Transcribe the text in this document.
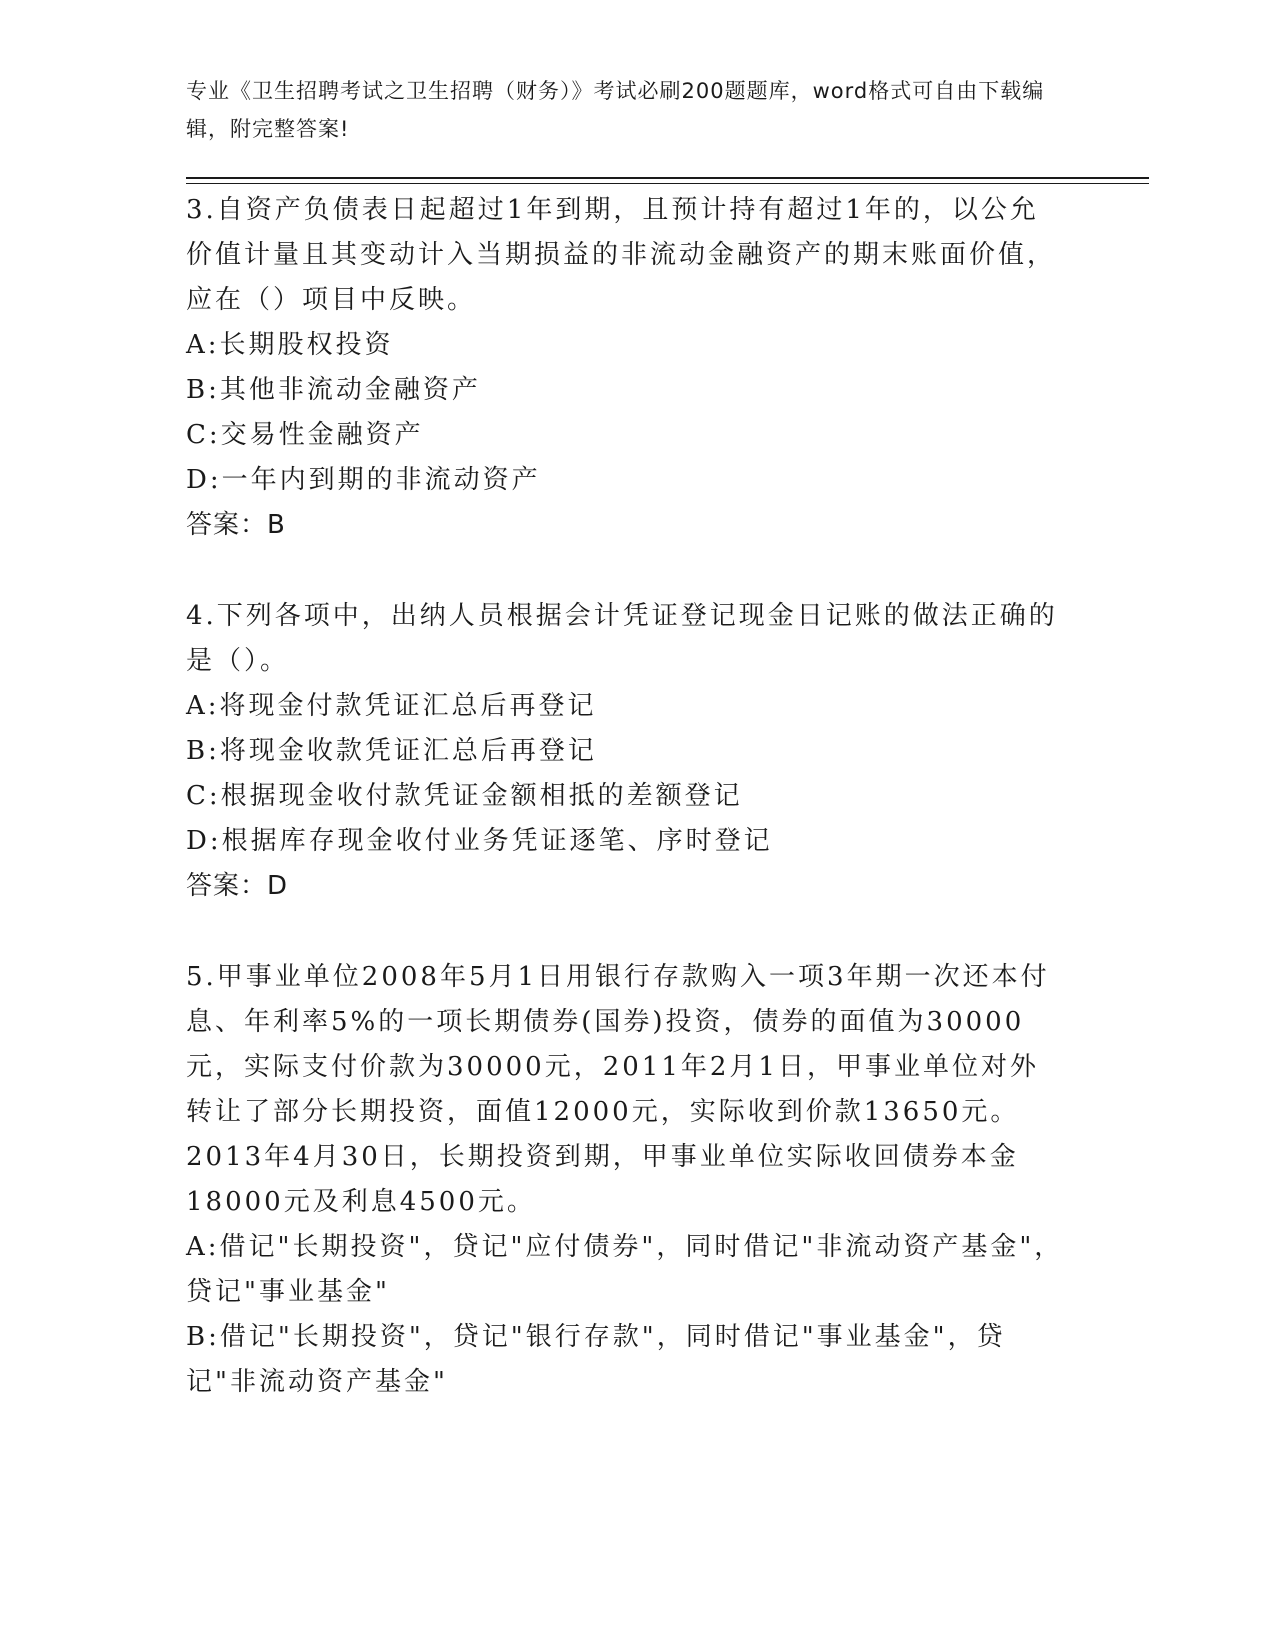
专业《卫生招聘考试之卫生招聘（财务）》考试必刷200题题库，word格式可自由下载编辑，附完整答案!

3.自资产负债表日起超过1年到期，且预计持有超过1年的，以公允价值计量且其变动计入当期损益的非流动金融资产的期末账面价值，应在（）项目中反映。

A:长期股权投资

B:其他非流动金融资产

C:交易性金融资产

D:一年内到期的非流动资产

答案：B

4.下列各项中，出纳人员根据会计凭证登记现金日记账的做法正确的是（）。

A:将现金付款凭证汇总后再登记

B:将现金收款凭证汇总后再登记

C:根据现金收付款凭证金额相抵的差额登记

D:根据库存现金收付业务凭证逐笔、序时登记

答案：D

5.甲事业单位2008年5月1日用银行存款购入一项3年期一次还本付息、年利率5%的一项长期债券(国券)投资，债券的面值为30000元，实际支付价款为30000元，2011年2月1日，甲事业单位对外转让了部分长期投资，面值12000元，实际收到价款13650元。2013年4月30日，长期投资到期，甲事业单位实际收回债券本金18000元及利息4500元。

A:借记"长期投资"，贷记"应付债券"，同时借记"非流动资产基金"，贷记"事业基金"

B:借记"长期投资"，贷记"银行存款"，同时借记"事业基金"，贷记"非流动资产基金"
